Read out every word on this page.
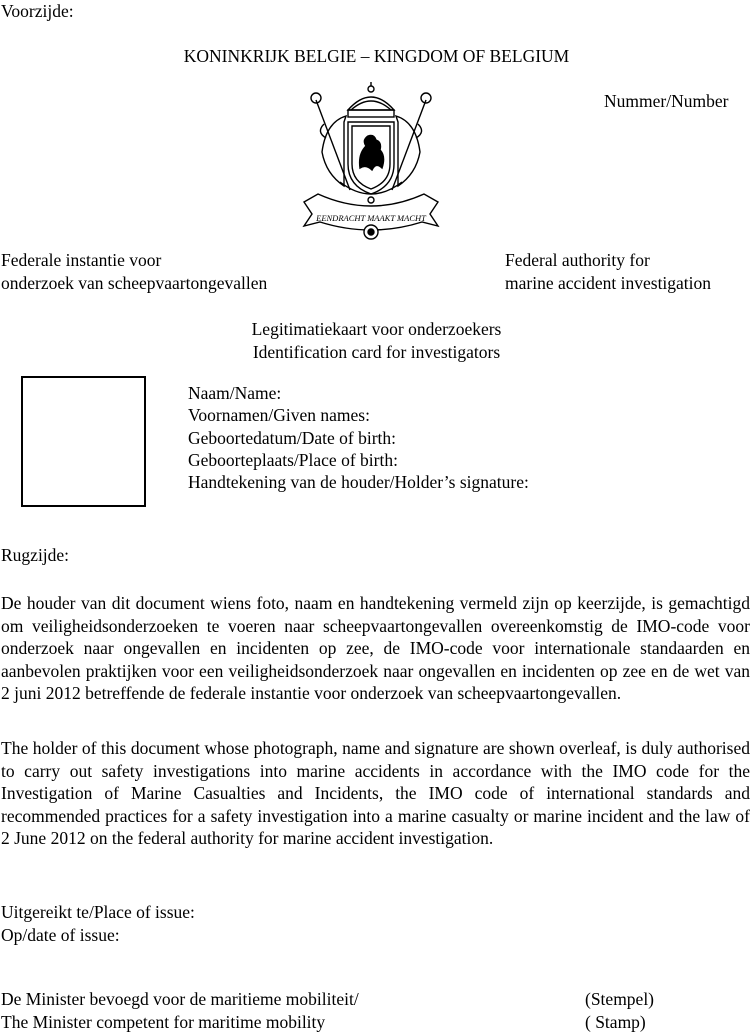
Voorzijde:
KONINKRIJK BELGIE – KINGDOM OF BELGIUM
Nummer/Number
EENDRACHT MAAKT MACHT
Federale instantie voor
onderzoek van scheepvaartongevallen
Federal authority for
marine accident investigation
Legitimatiekaart voor onderzoekers
Identification card for investigators
Naam/Name:
Voornamen/Given names:
Geboortedatum/Date of birth:
Geboorteplaats/Place of birth:
Handtekening van de houder/Holder’s signature:
Rugzijde:
De houder van dit document wiens foto, naam en handtekening vermeld zijn op keerzijde, is gemachtigd om veiligheidsonderzoeken te voeren naar scheepvaartongevallen overeenkomstig de IMO-code voor onderzoek naar ongevallen en incidenten op zee, de IMO-code voor internationale standaarden en aanbevolen praktijken voor een veiligheidsonderzoek naar ongevallen en incidenten op zee en de wet van 2 juni 2012 betreffende de federale instantie voor onderzoek van scheepvaartongevallen.
The holder of this document whose photograph, name and signature are shown overleaf, is duly authorised to carry out safety investigations into marine accidents in accordance with the IMO code for the Investigation of Marine Casualties and Incidents, the IMO code of international standards and recommended practices for a safety investigation into a marine casualty or marine incident and the law of 2 June 2012 on the federal authority for marine accident investigation.
Uitgereikt te/Place of issue:
Op/date of issue:
De Minister bevoegd voor de maritieme mobiliteit/
The Minister competent for maritime mobility
(Stempel)
( Stamp)
